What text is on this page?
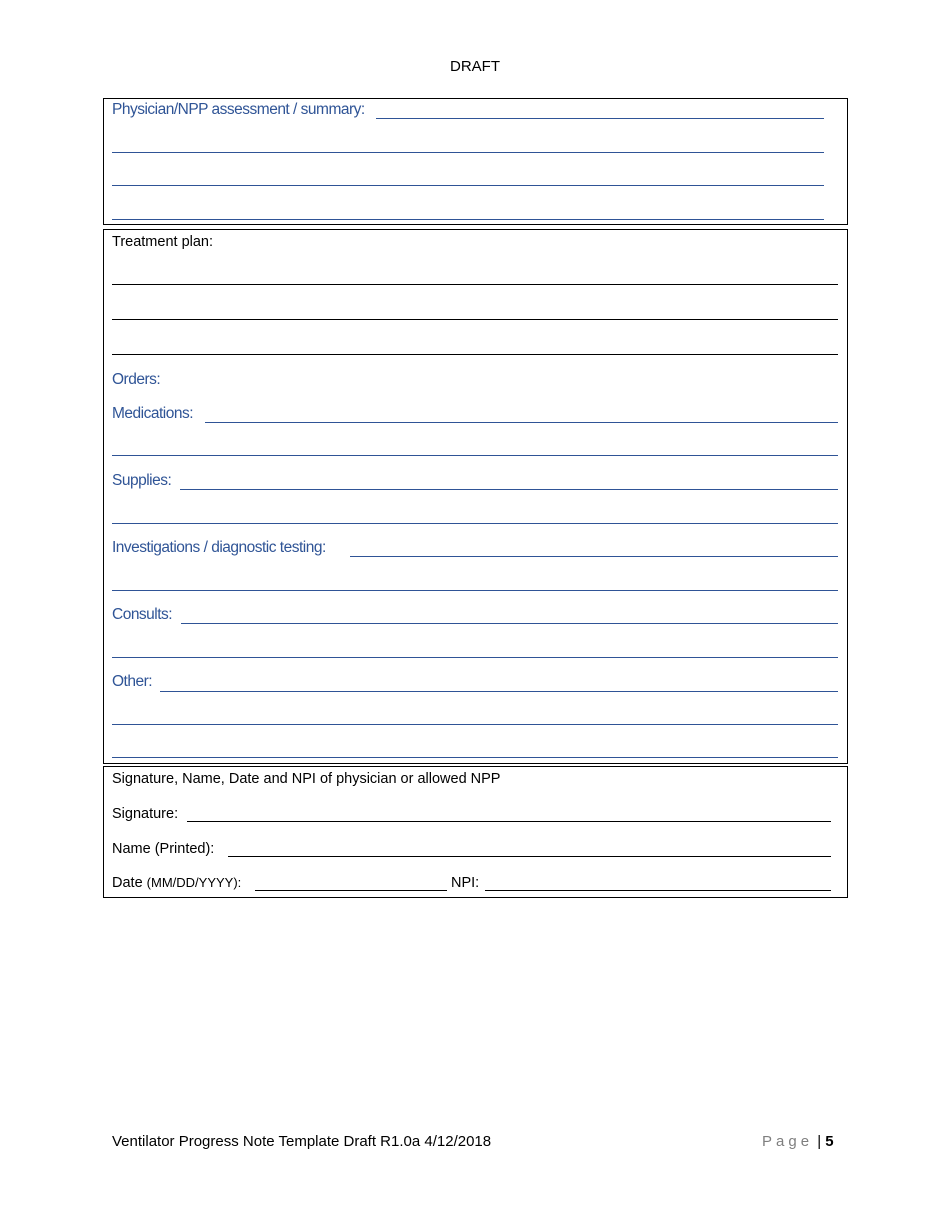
DRAFT
Physician/NPP assessment / summary:
Treatment plan:
Orders:
Medications:
Supplies:
Investigations / diagnostic testing:
Consults:
Other:
Signature, Name, Date and NPI of physician or allowed NPP
Signature:
Name (Printed):
Date (MM/DD/YYYY):	NPI:
Ventilator Progress Note Template Draft R1.0a 4/12/2018	Page | 5
